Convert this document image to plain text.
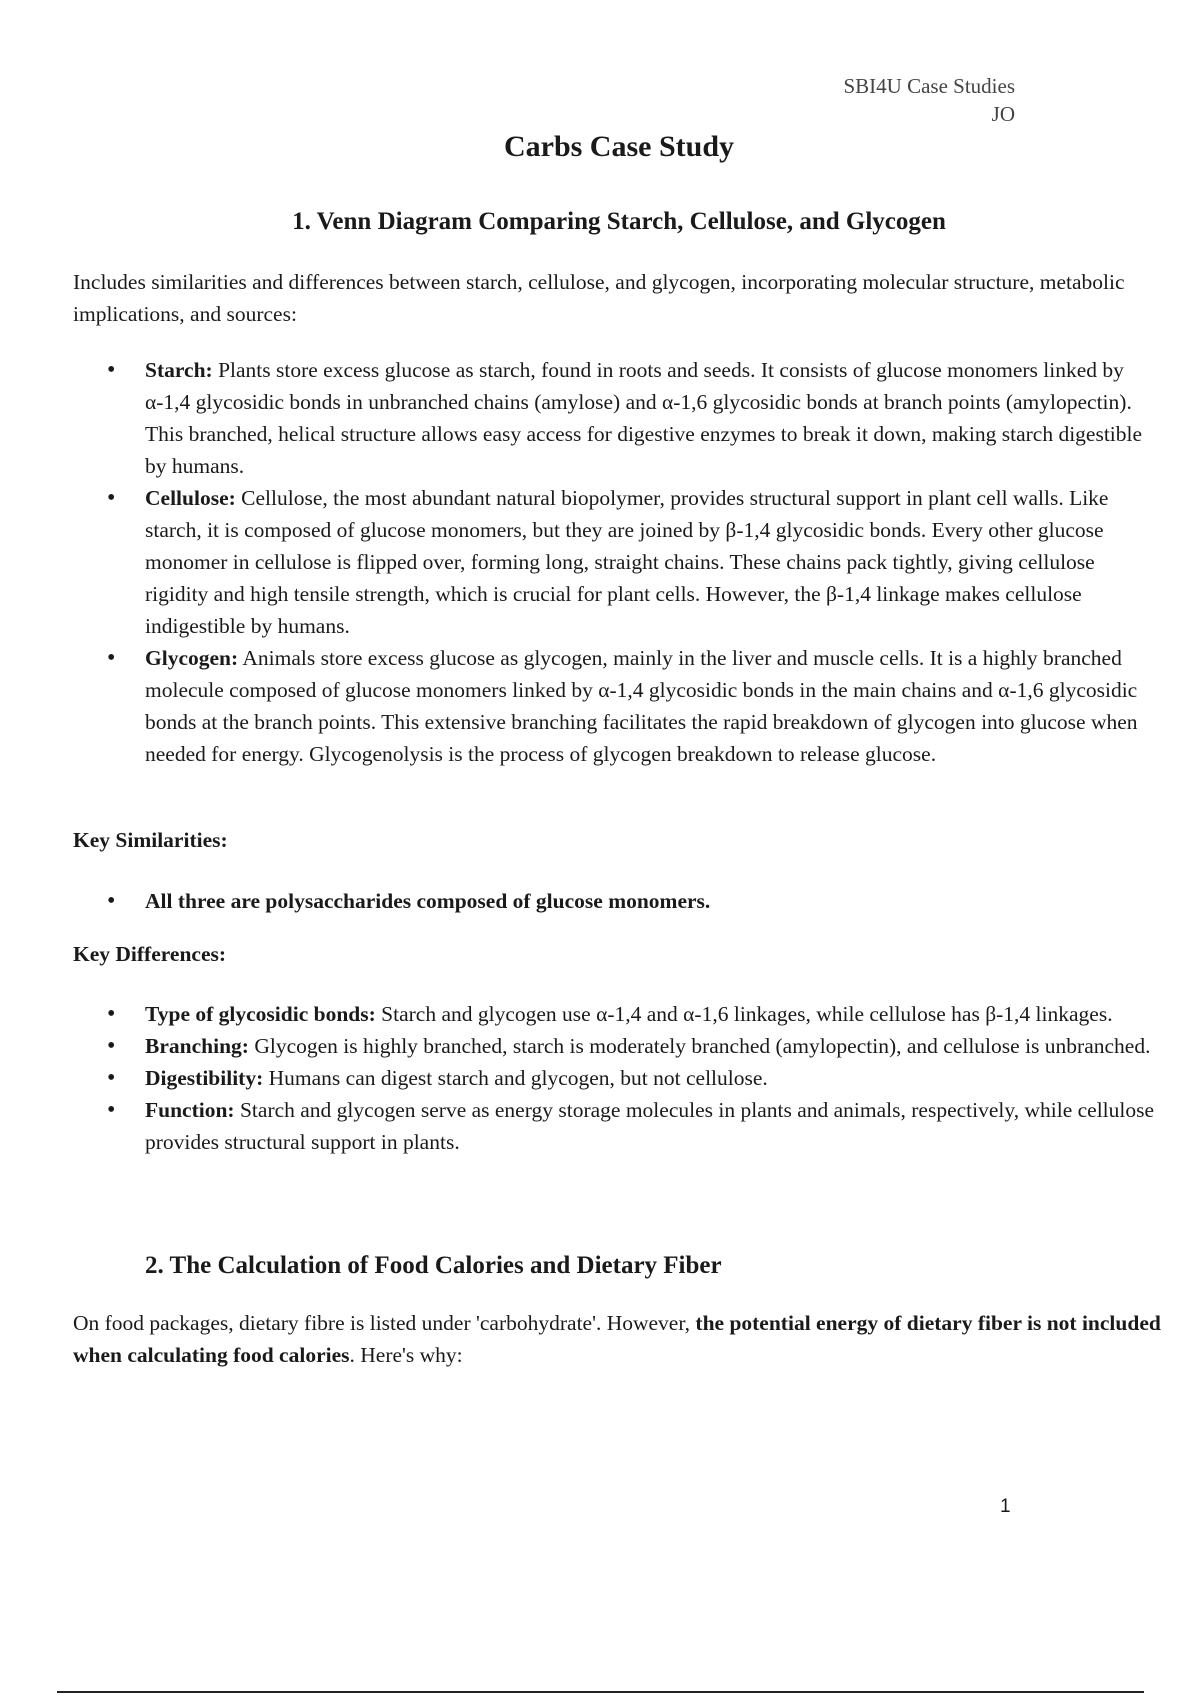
SBI4U Case Studies
JO
Carbs Case Study
1. Venn Diagram Comparing Starch, Cellulose, and Glycogen

Includes similarities and differences between starch, cellulose, and glycogen, incorporating molecular structure, metabolic implications, and sources:

• Starch: Plants store excess glucose as starch, found in roots and seeds. It consists of glucose monomers linked by α-1,4 glycosidic bonds in unbranched chains (amylose) and α-1,6 glycosidic bonds at branch points (amylopectin). This branched, helical structure allows easy access for digestive enzymes to break it down, making starch digestible by humans.
• Cellulose: Cellulose, the most abundant natural biopolymer, provides structural support in plant cell walls. Like starch, it is composed of glucose monomers, but they are joined by β-1,4 glycosidic bonds. Every other glucose monomer in cellulose is flipped over, forming long, straight chains. These chains pack tightly, giving cellulose rigidity and high tensile strength, which is crucial for plant cells. However, the β-1,4 linkage makes cellulose indigestible by humans.
• Glycogen: Animals store excess glucose as glycogen, mainly in the liver and muscle cells. It is a highly branched molecule composed of glucose monomers linked by α-1,4 glycosidic bonds in the main chains and α-1,6 glycosidic bonds at the branch points. This extensive branching facilitates the rapid breakdown of glycogen into glucose when needed for energy. Glycogenolysis is the process of glycogen breakdown to release glucose.

Key Similarities:

• All three are polysaccharides composed of glucose monomers.

Key Differences:

• Type of glycosidic bonds: Starch and glycogen use α-1,4 and α-1,6 linkages, while cellulose has β-1,4 linkages.
• Branching: Glycogen is highly branched, starch is moderately branched (amylopectin), and cellulose is unbranched.
• Digestibility: Humans can digest starch and glycogen, but not cellulose.
• Function: Starch and glycogen serve as energy storage molecules in plants and animals, respectively, while cellulose provides structural support in plants.
2. The Calculation of Food Calories and Dietary Fiber

On food packages, dietary fibre is listed under 'carbohydrate'. However, the potential energy of dietary fiber is not included when calculating food calories. Here's why:

1
